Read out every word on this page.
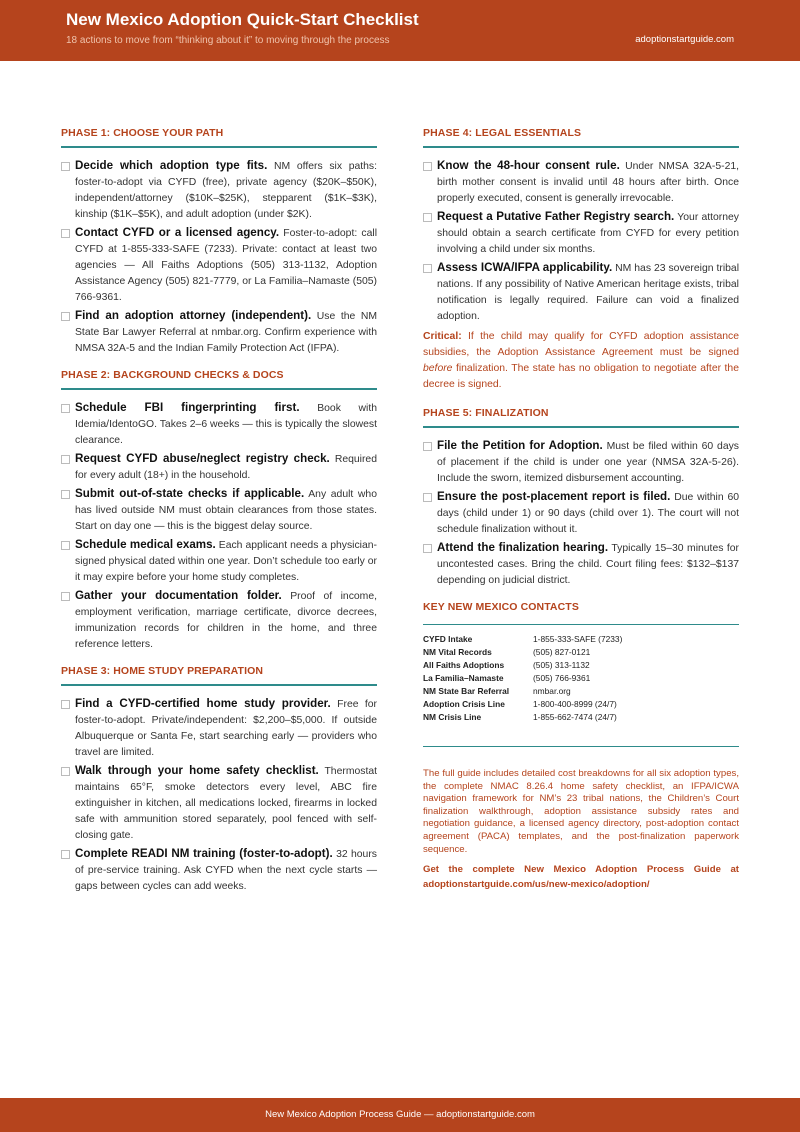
New Mexico Adoption Quick-Start Checklist
18 actions to move from “thinking about it” to moving through the process	adoptionstartguide.com
PHASE 1: CHOOSE YOUR PATH
Decide which adoption type fits. NM offers six paths: foster-to-adopt via CYFD (free), private agency ($20K–$50K), independent/attorney ($10K–$25K), stepparent ($1K–$3K), kinship ($1K–$5K), and adult adoption (under $2K).
Contact CYFD or a licensed agency. Foster-to-adopt: call CYFD at 1-855-333-SAFE (7233). Private: contact at least two agencies — All Faiths Adoptions (505) 313-1132, Adoption Assistance Agency (505) 821-7779, or La Familia–Namaste (505) 766-9361.
Find an adoption attorney (independent). Use the NM State Bar Lawyer Referral at nmbar.org. Confirm experience with NMSA 32A-5 and the Indian Family Protection Act (IFPA).
PHASE 2: BACKGROUND CHECKS & DOCS
Schedule FBI fingerprinting first. Book with Idemia/IdentoGO. Takes 2–6 weeks — this is typically the slowest clearance.
Request CYFD abuse/neglect registry check. Required for every adult (18+) in the household.
Submit out-of-state checks if applicable. Any adult who has lived outside NM must obtain clearances from those states. Start on day one — this is the biggest delay source.
Schedule medical exams. Each applicant needs a physician-signed physical dated within one year. Don’t schedule too early or it may expire before your home study completes.
Gather your documentation folder. Proof of income, employment verification, marriage certificate, divorce decrees, immunization records for children in the home, and three reference letters.
PHASE 3: HOME STUDY PREPARATION
Find a CYFD-certified home study provider. Free for foster-to-adopt. Private/independent: $2,200–$5,000. If outside Albuquerque or Santa Fe, start searching early — providers who travel are limited.
Walk through your home safety checklist. Thermostat maintains 65°F, smoke detectors every level, ABC fire extinguisher in kitchen, all medications locked, firearms in locked safe with ammunition stored separately, pool fenced with self-closing gate.
Complete READI NM training (foster-to-adopt). 32 hours of pre-service training. Ask CYFD when the next cycle starts — gaps between cycles can add weeks.
PHASE 4: LEGAL ESSENTIALS
Know the 48-hour consent rule. Under NMSA 32A-5-21, birth mother consent is invalid until 48 hours after birth. Once properly executed, consent is generally irrevocable.
Request a Putative Father Registry search. Your attorney should obtain a search certificate from CYFD for every petition involving a child under six months.
Assess ICWA/IFPA applicability. NM has 23 sovereign tribal nations. If any possibility of Native American heritage exists, tribal notification is legally required. Failure can void a finalized adoption.
Critical: If the child may qualify for CYFD adoption assistance subsidies, the Adoption Assistance Agreement must be signed before finalization. The state has no obligation to negotiate after the decree is signed.
PHASE 5: FINALIZATION
File the Petition for Adoption. Must be filed within 60 days of placement if the child is under one year (NMSA 32A-5-26). Include the sworn, itemized disbursement accounting.
Ensure the post-placement report is filed. Due within 60 days (child under 1) or 90 days (child over 1). The court will not schedule finalization without it.
Attend the finalization hearing. Typically 15–30 minutes for uncontested cases. Bring the child. Court filing fees: $132–$137 depending on judicial district.
KEY NEW MEXICO CONTACTS
CYFD Intake	1-855-333-SAFE (7233)
NM Vital Records	(505) 827-0121
All Faiths Adoptions	(505) 313-1132
La Familia–Namaste	(505) 766-9361
NM State Bar Referral	nmbar.org
Adoption Crisis Line	1-800-400-8999 (24/7)
NM Crisis Line	1-855-662-7474 (24/7)
The full guide includes detailed cost breakdowns for all six adoption types, the complete NMAC 8.26.4 home safety checklist, an IFPA/ICWA navigation framework for NM’s 23 tribal nations, the Children’s Court finalization walkthrough, adoption assistance subsidy rates and negotiation guidance, a licensed agency directory, post-adoption contact agreement (PACA) templates, and the post-finalization paperwork sequence.
Get the complete New Mexico Adoption Process Guide at adoptionstartguide.com/us/new-mexico/adoption/
New Mexico Adoption Process Guide — adoptionstartguide.com
